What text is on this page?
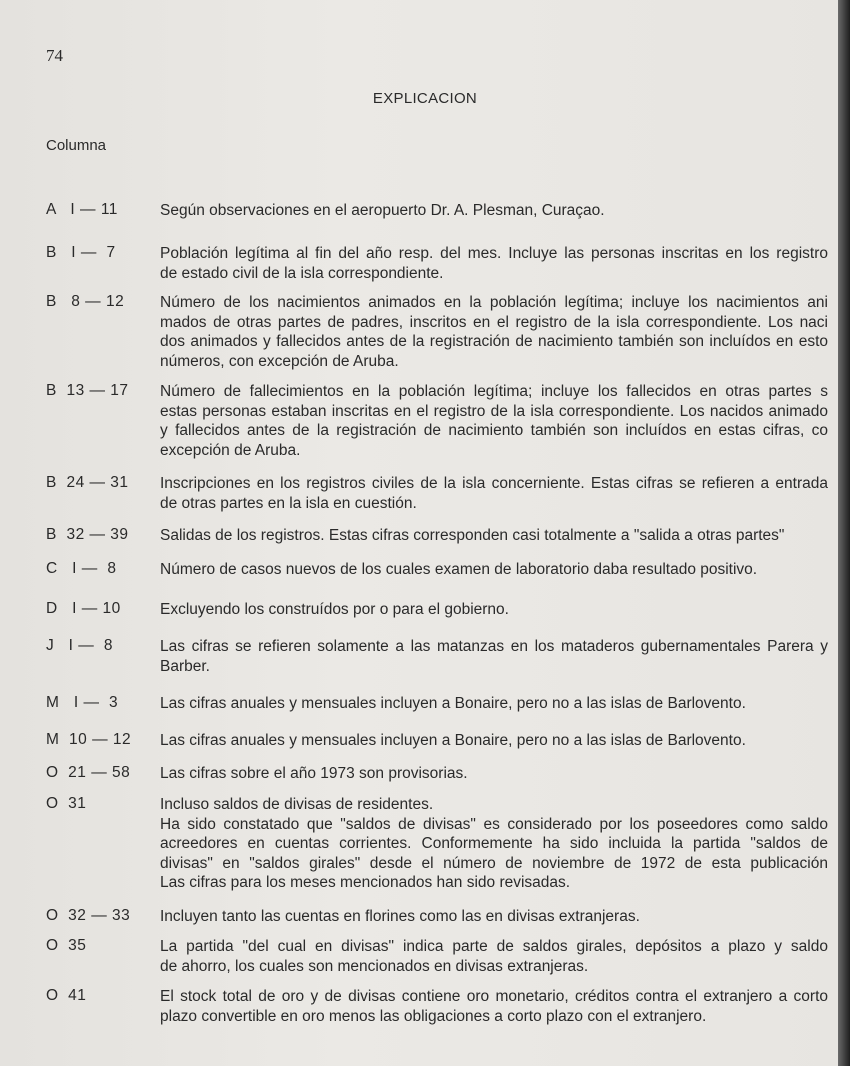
74
EXPLICACION
Columna
A   I — 11	Según observaciones en el aeropuerto Dr. A. Plesman, Curaçao.
B   I —  7	Población legítima al fin del año resp. del mes. Incluye las personas inscritas en los registro
de estado civil de la isla correspondiente.
B   8 — 12 Número de los nacimientos animados en la población legítima; incluye los nacimientos ani
mados de otras partes de padres, inscritos en el registro de la isla correspondiente. Los naci
dos animados y fallecidos antes de la registración de nacimiento también son incluídos en esto
números, con excepción de Aruba.
B  13 — 17 Número de fallecimientos en la población legítima; incluye los fallecidos en otras partes s
estas personas estaban inscritas en el registro de la isla correspondiente. Los nacidos animado
y fallecidos antes de la registración de nacimiento también son incluídos en estas cifras, co
excepción de Aruba.
B  24 — 31 Inscripciones en los registros civiles de la isla concerniente. Estas cifras se refieren a entrada
de otras partes en la isla en cuestión.
B  32 — 39 Salidas de los registros. Estas cifras corresponden casi totalmente a "salida a otras partes"
C   I —  8	Número de casos nuevos de los cuales examen de laboratorio daba resultado positivo.
D   I — 10	Excluyendo los construídos por o para el gobierno.
J   I —  8	Las cifras se refieren solamente a las matanzas en los mataderos gubernamentales Parera y
Barber.
M   I —  3	Las cifras anuales y mensuales incluyen a Bonaire, pero no a las islas de Barlovento.
M  10 — 12 Las cifras anuales y mensuales incluyen a Bonaire, pero no a las islas de Barlovento.
O  21 — 58 Las cifras sobre el año 1973 son provisorias.
O  31	Incluso saldos de divisas de residentes.
Ha sido constatado que "saldos de divisas" es considerado por los poseedores como saldo
acreedores en cuentas corrientes. Conformemente ha sido incluida la partida "saldos de
divisas" en "saldos girales" desde el número de noviembre de 1972 de esta publicación
Las cifras para los meses mencionados han sido revisadas.
O  32 — 33 Incluyen tanto las cuentas en florines como las en divisas extranjeras.
O  35	La partida "del cual en divisas" indica parte de saldos girales, depósitos a plazo y saldo
de ahorro, los cuales son mencionados en divisas extranjeras.
O  41	El stock total de oro y de divisas contiene oro monetario, créditos contra el extranjero a corto
plazo convertible en oro menos las obligaciones a corto plazo con el extranjero.
